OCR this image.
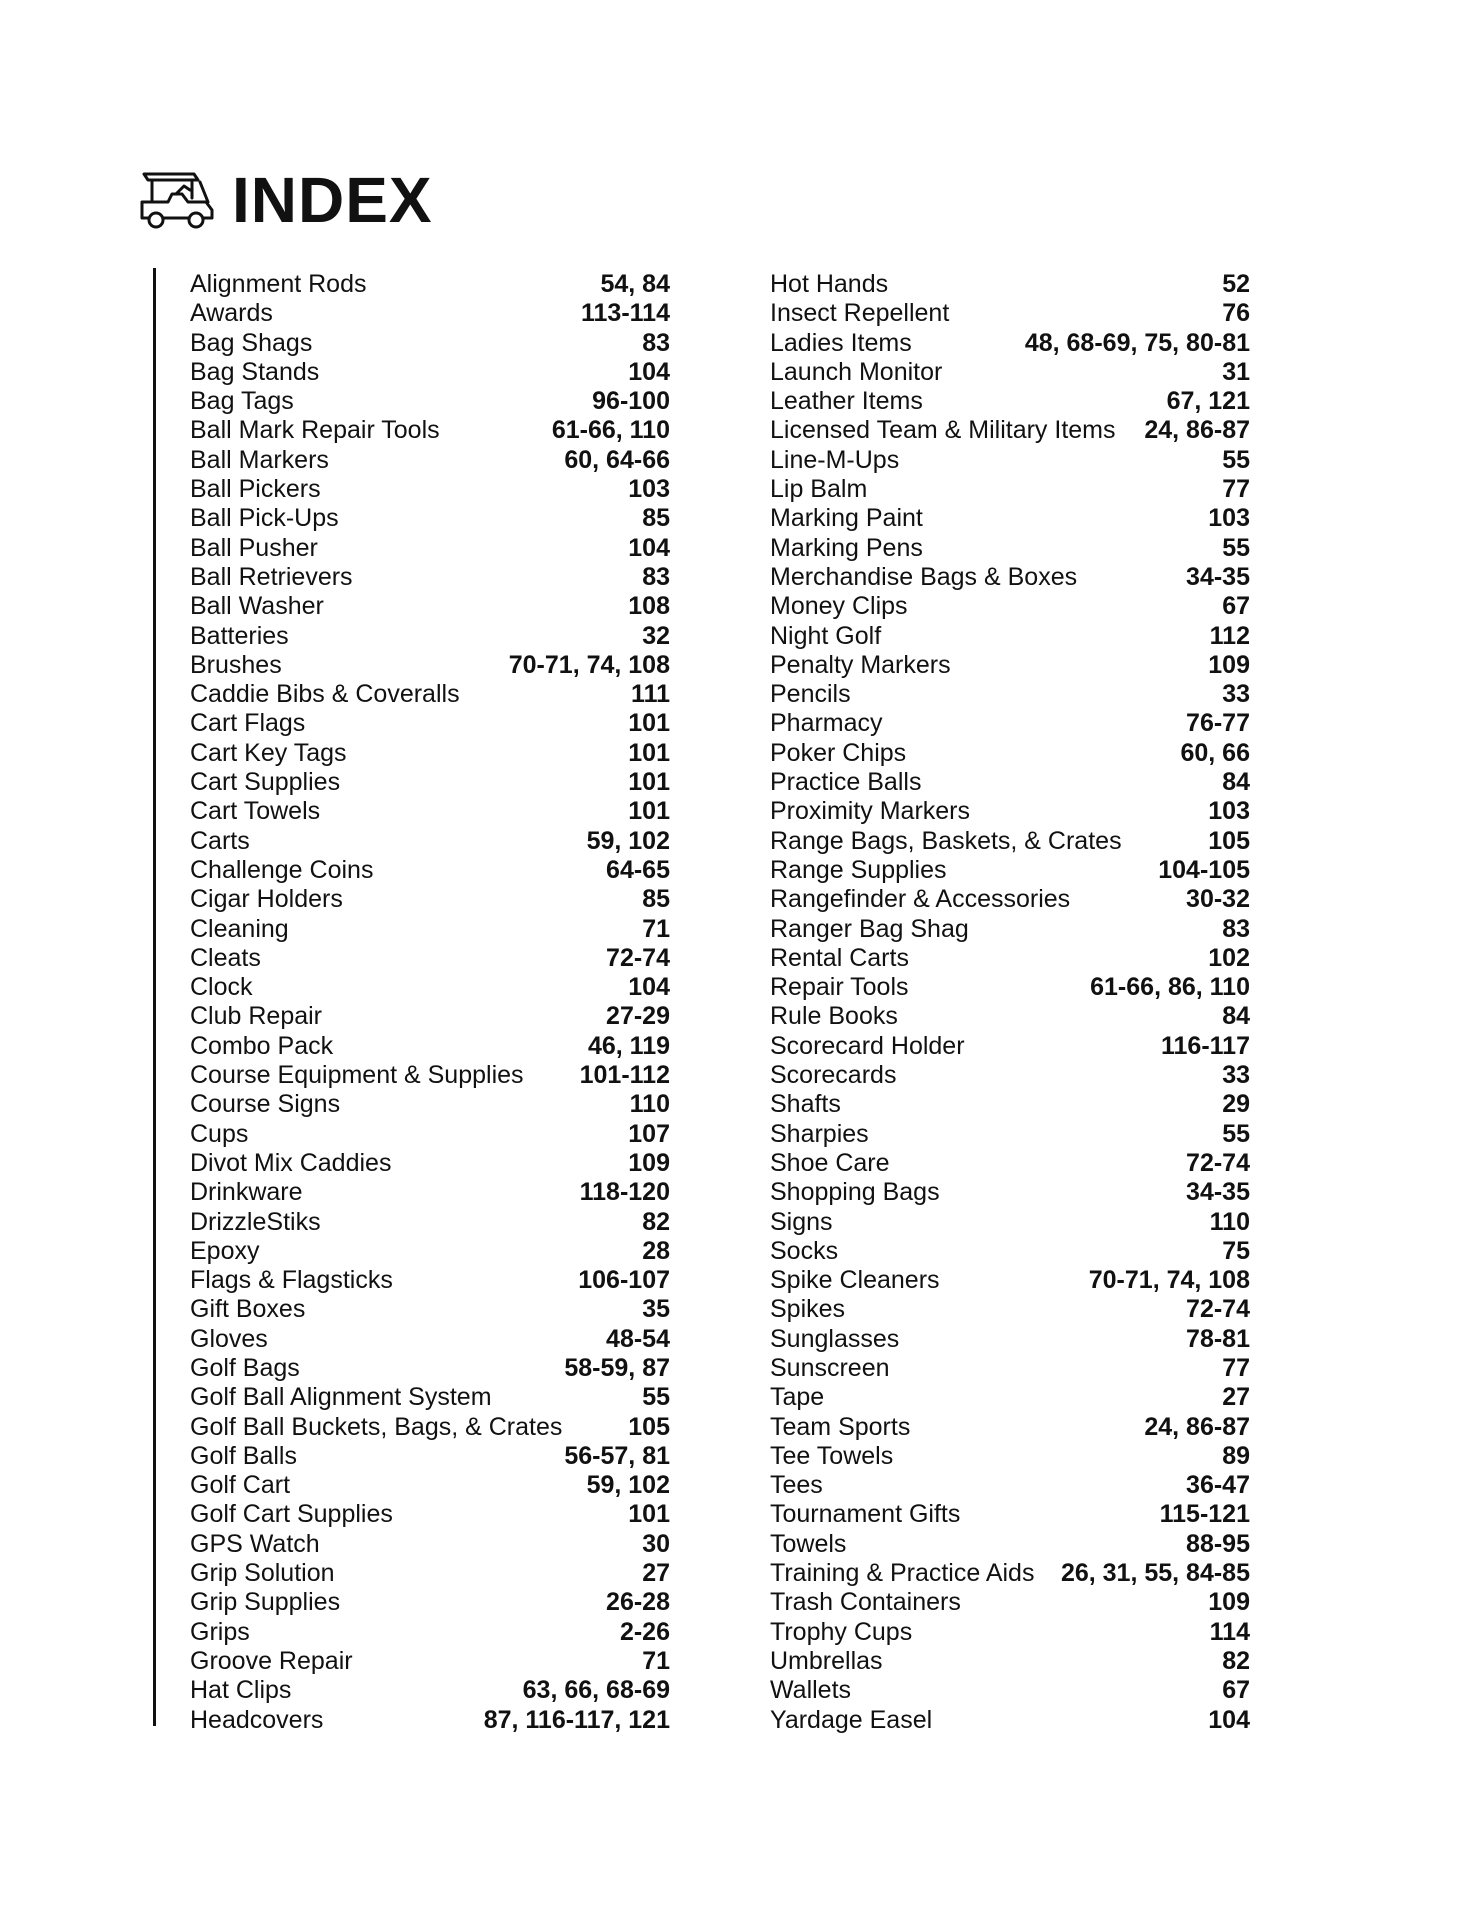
INDEX
Alignment Rods	54, 84
Awards	113-114
Bag Shags	83
Bag Stands	104
Bag Tags	96-100
Ball Mark Repair Tools	61-66, 110
Ball Markers	60, 64-66
Ball Pickers	103
Ball Pick-Ups	85
Ball Pusher	104
Ball Retrievers	83
Ball Washer	108
Batteries	32
Brushes	70-71, 74, 108
Caddie Bibs & Coveralls	111
Cart Flags	101
Cart Key Tags	101
Cart Supplies	101
Cart Towels	101
Carts	59, 102
Challenge Coins	64-65
Cigar Holders	85
Cleaning	71
Cleats	72-74
Clock	104
Club Repair	27-29
Combo Pack	46, 119
Course Equipment & Supplies 101-112
Course Signs	110
Cups	107
Divot Mix Caddies	109
Drinkware	118-120
DrizzleStiks	82
Epoxy	28
Flags & Flagsticks	106-107
Gift Boxes	35
Gloves	48-54
Golf Bags	58-59, 87
Golf Ball Alignment System	55
Golf Ball Buckets, Bags, & Crates	105
Golf Balls	56-57, 81
Golf Cart	59, 102
Golf Cart Supplies	101
GPS Watch	30
Grip Solution	27
Grip Supplies	26-28
Grips	2-26
Groove Repair	71
Hat Clips	63, 66, 68-69
Headcovers	87, 116-117, 121
Hot Hands	52
Insect Repellent	76
Ladies Items	48, 68-69, 75, 80-81
Launch Monitor	31
Leather Items	67, 121
Licensed Team & Military Items 24, 86-87
Line-M-Ups	55
Lip Balm	77
Marking Paint	103
Marking Pens	55
Merchandise Bags & Boxes	34-35
Money Clips	67
Night Golf	112
Penalty Markers	109
Pencils	33
Pharmacy	76-77
Poker Chips	60, 66
Practice Balls	84
Proximity Markers	103
Range Bags, Baskets, & Crates	105
Range Supplies	104-105
Rangefinder & Accessories	30-32
Ranger Bag Shag	83
Rental Carts	102
Repair Tools	61-66, 86, 110
Rule Books	84
Scorecard Holder	116-117
Scorecards	33
Shafts	29
Sharpies	55
Shoe Care	72-74
Shopping Bags	34-35
Signs	110
Socks	75
Spike Cleaners	70-71, 74, 108
Spikes	72-74
Sunglasses	78-81
Sunscreen	77
Tape	27
Team Sports	24, 86-87
Tee Towels	89
Tees	36-47
Tournament Gifts	115-121
Towels	88-95
Training & Practice Aids 26, 31, 55, 84-85
Trash Containers	109
Trophy Cups	114
Umbrellas	82
Wallets	67
Yardage Easel	104
